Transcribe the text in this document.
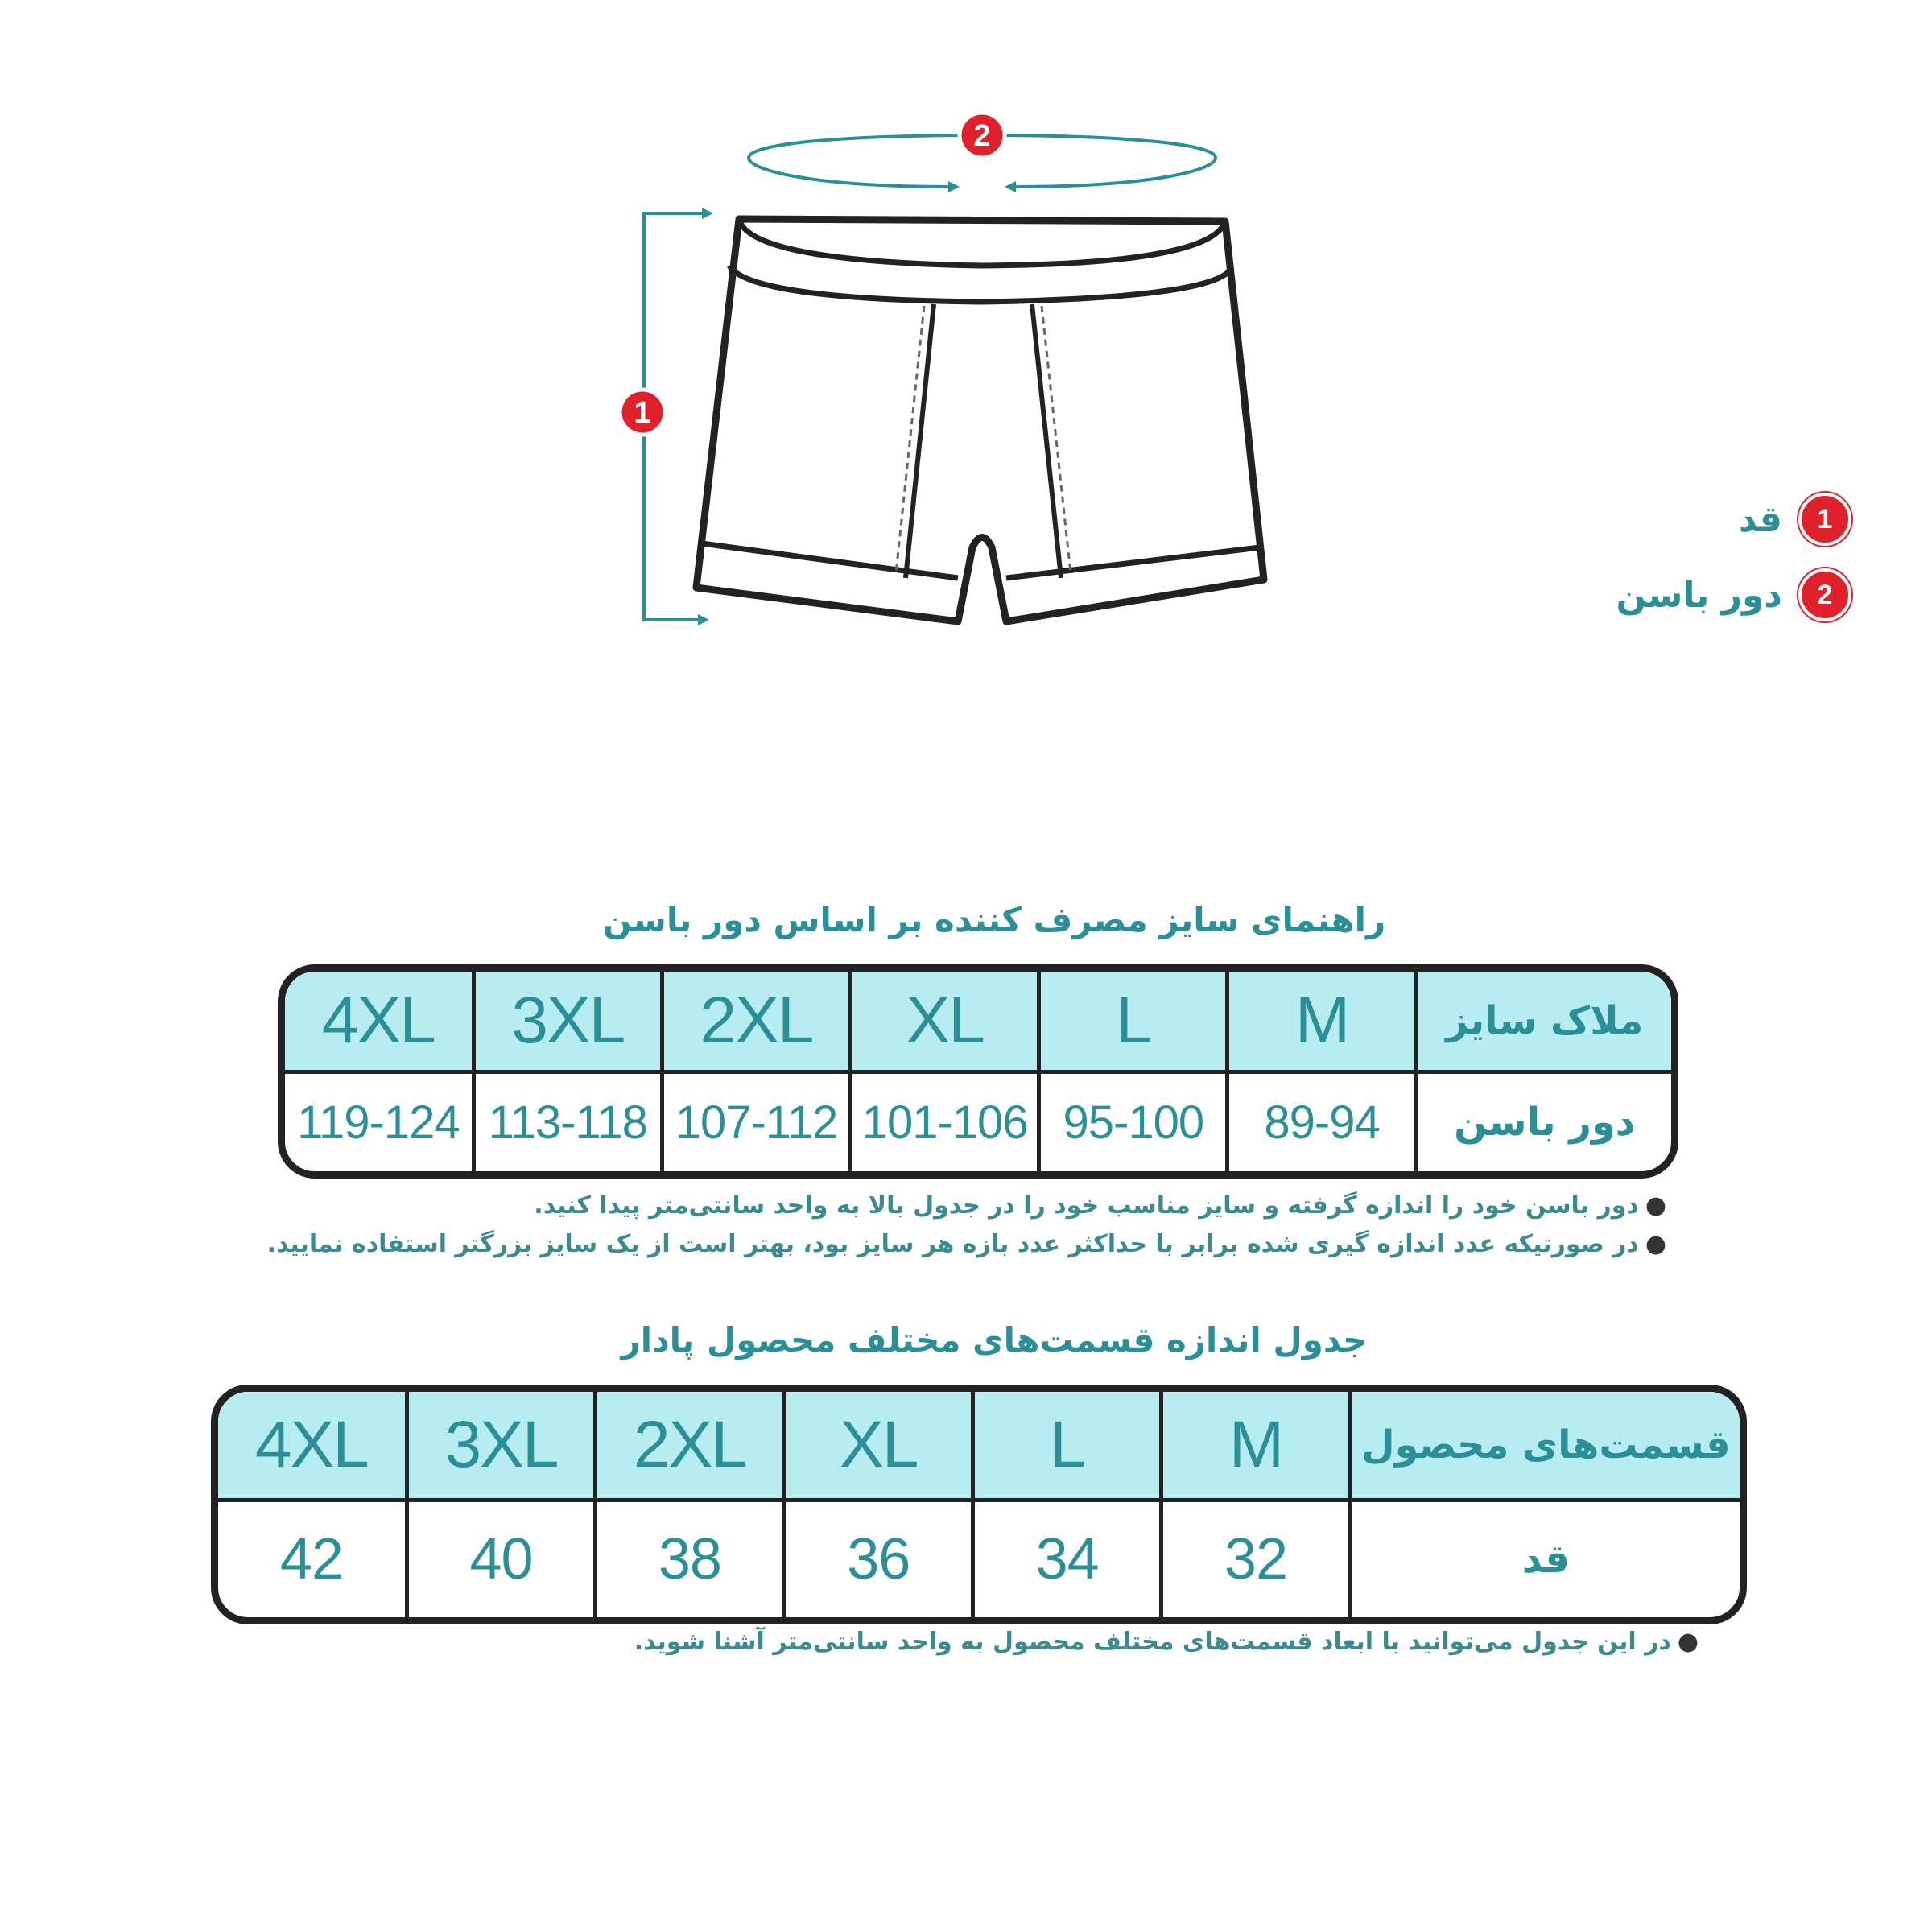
2
1
1
قد
2
دور باسن
راهنمای سایز مصرف کننده بر اساس دور باسن
4XL	3XL	2XL	XL	L	M	ملاک سایز
119-124	113-118	107-112	101-106	95-100	89-94	دور باسن
●دور باسن خود را اندازه گرفته و سایز مناسب خود را در جدول بالا به واحد سانتی‌متر پیدا کنید.
●در صورتیکه عدد اندازه گیری شده برابر با حداکثر عدد بازه هر سایز بود، بهتر است از یک سایز بزرگتر استفاده نمایید.
جدول اندازه قسمت‌های مختلف محصول پادار
4XL	3XL	2XL	XL	L	M	قسمت‌های محصول
42	40	38	36	34	32	قد
●در این جدول می‌توانید با ابعاد قسمت‌های مختلف محصول به واحد سانتی‌متر آشنا شوید.
